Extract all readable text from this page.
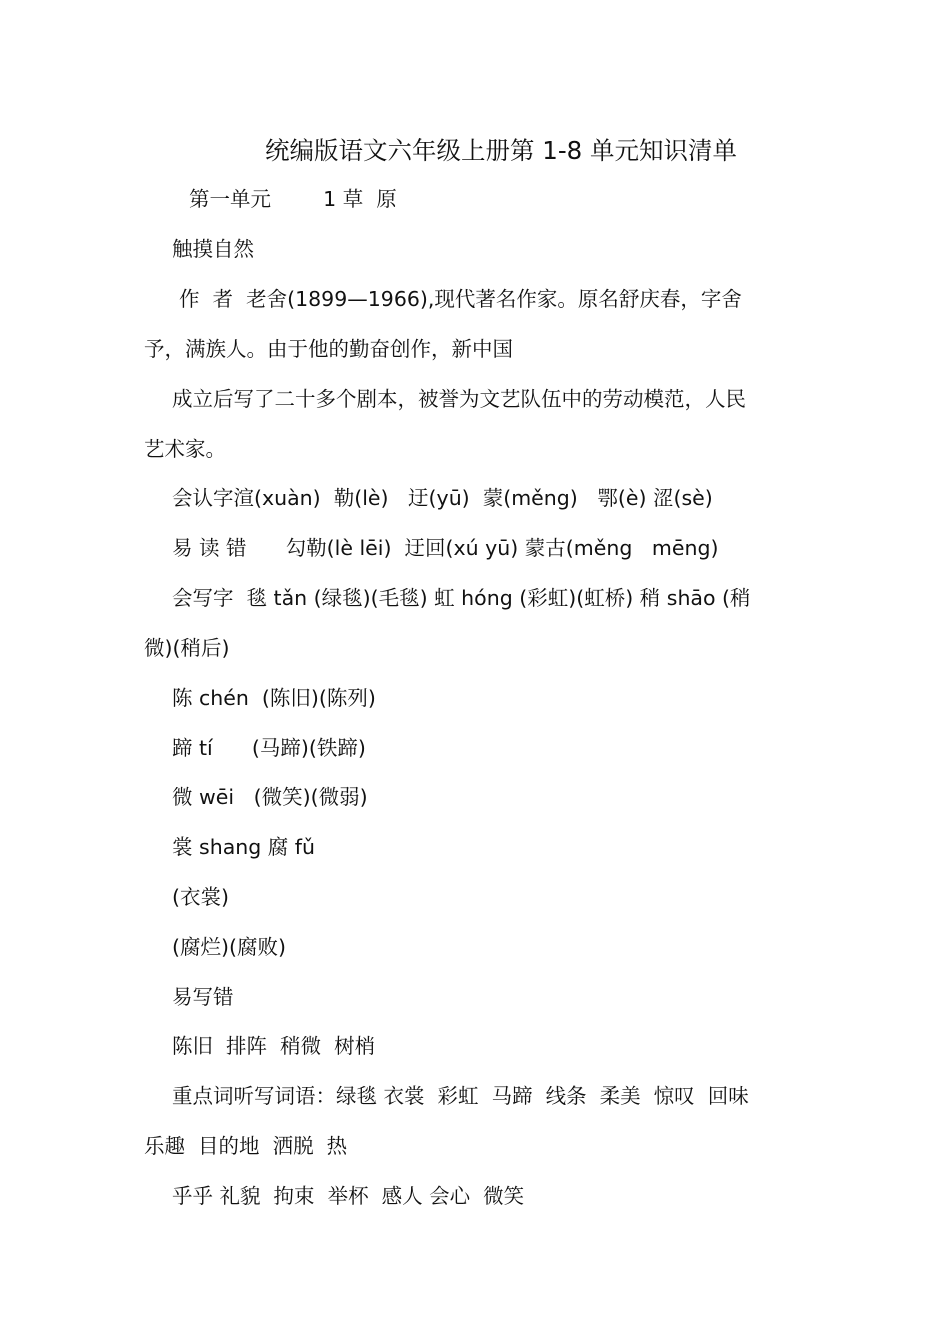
统编版语文六年级上册第 1-8 单元知识清单
第一单元        1 草  原
触摸自然
作  者  老舍(1899—1966),现代著名作家。原名舒庆春，字舍
予，满族人。由于他的勤奋创作，新中国
成立后写了二十多个剧本，被誉为文艺队伍中的劳动模范，人民
艺术家。
会认字渲(xuàn)  勒(lè)   迂(yū)  蒙(měng)   鄂(è) 涩(sè)
易 读 错      勾勒(lè lēi)  迂回(xú yū) 蒙古(měng   mēng)
会写字  毯 tǎn (绿毯)(毛毯) 虹 hóng (彩虹)(虹桥) 稍 shāo (稍
微)(稍后)
陈 chén  (陈旧)(陈列)
蹄 tí      (马蹄)(铁蹄)
微 wēi   (微笑)(微弱)
裳 shang 腐 fǔ
(衣裳)
(腐烂)(腐败)
易写错
陈旧  排阵  稍微  树梢
重点词听写词语：绿毯 衣裳  彩虹  马蹄  线条  柔美  惊叹  回味
乐趣  目的地  洒脱  热
乎乎 礼貌  拘束  举杯  感人 会心  微笑
